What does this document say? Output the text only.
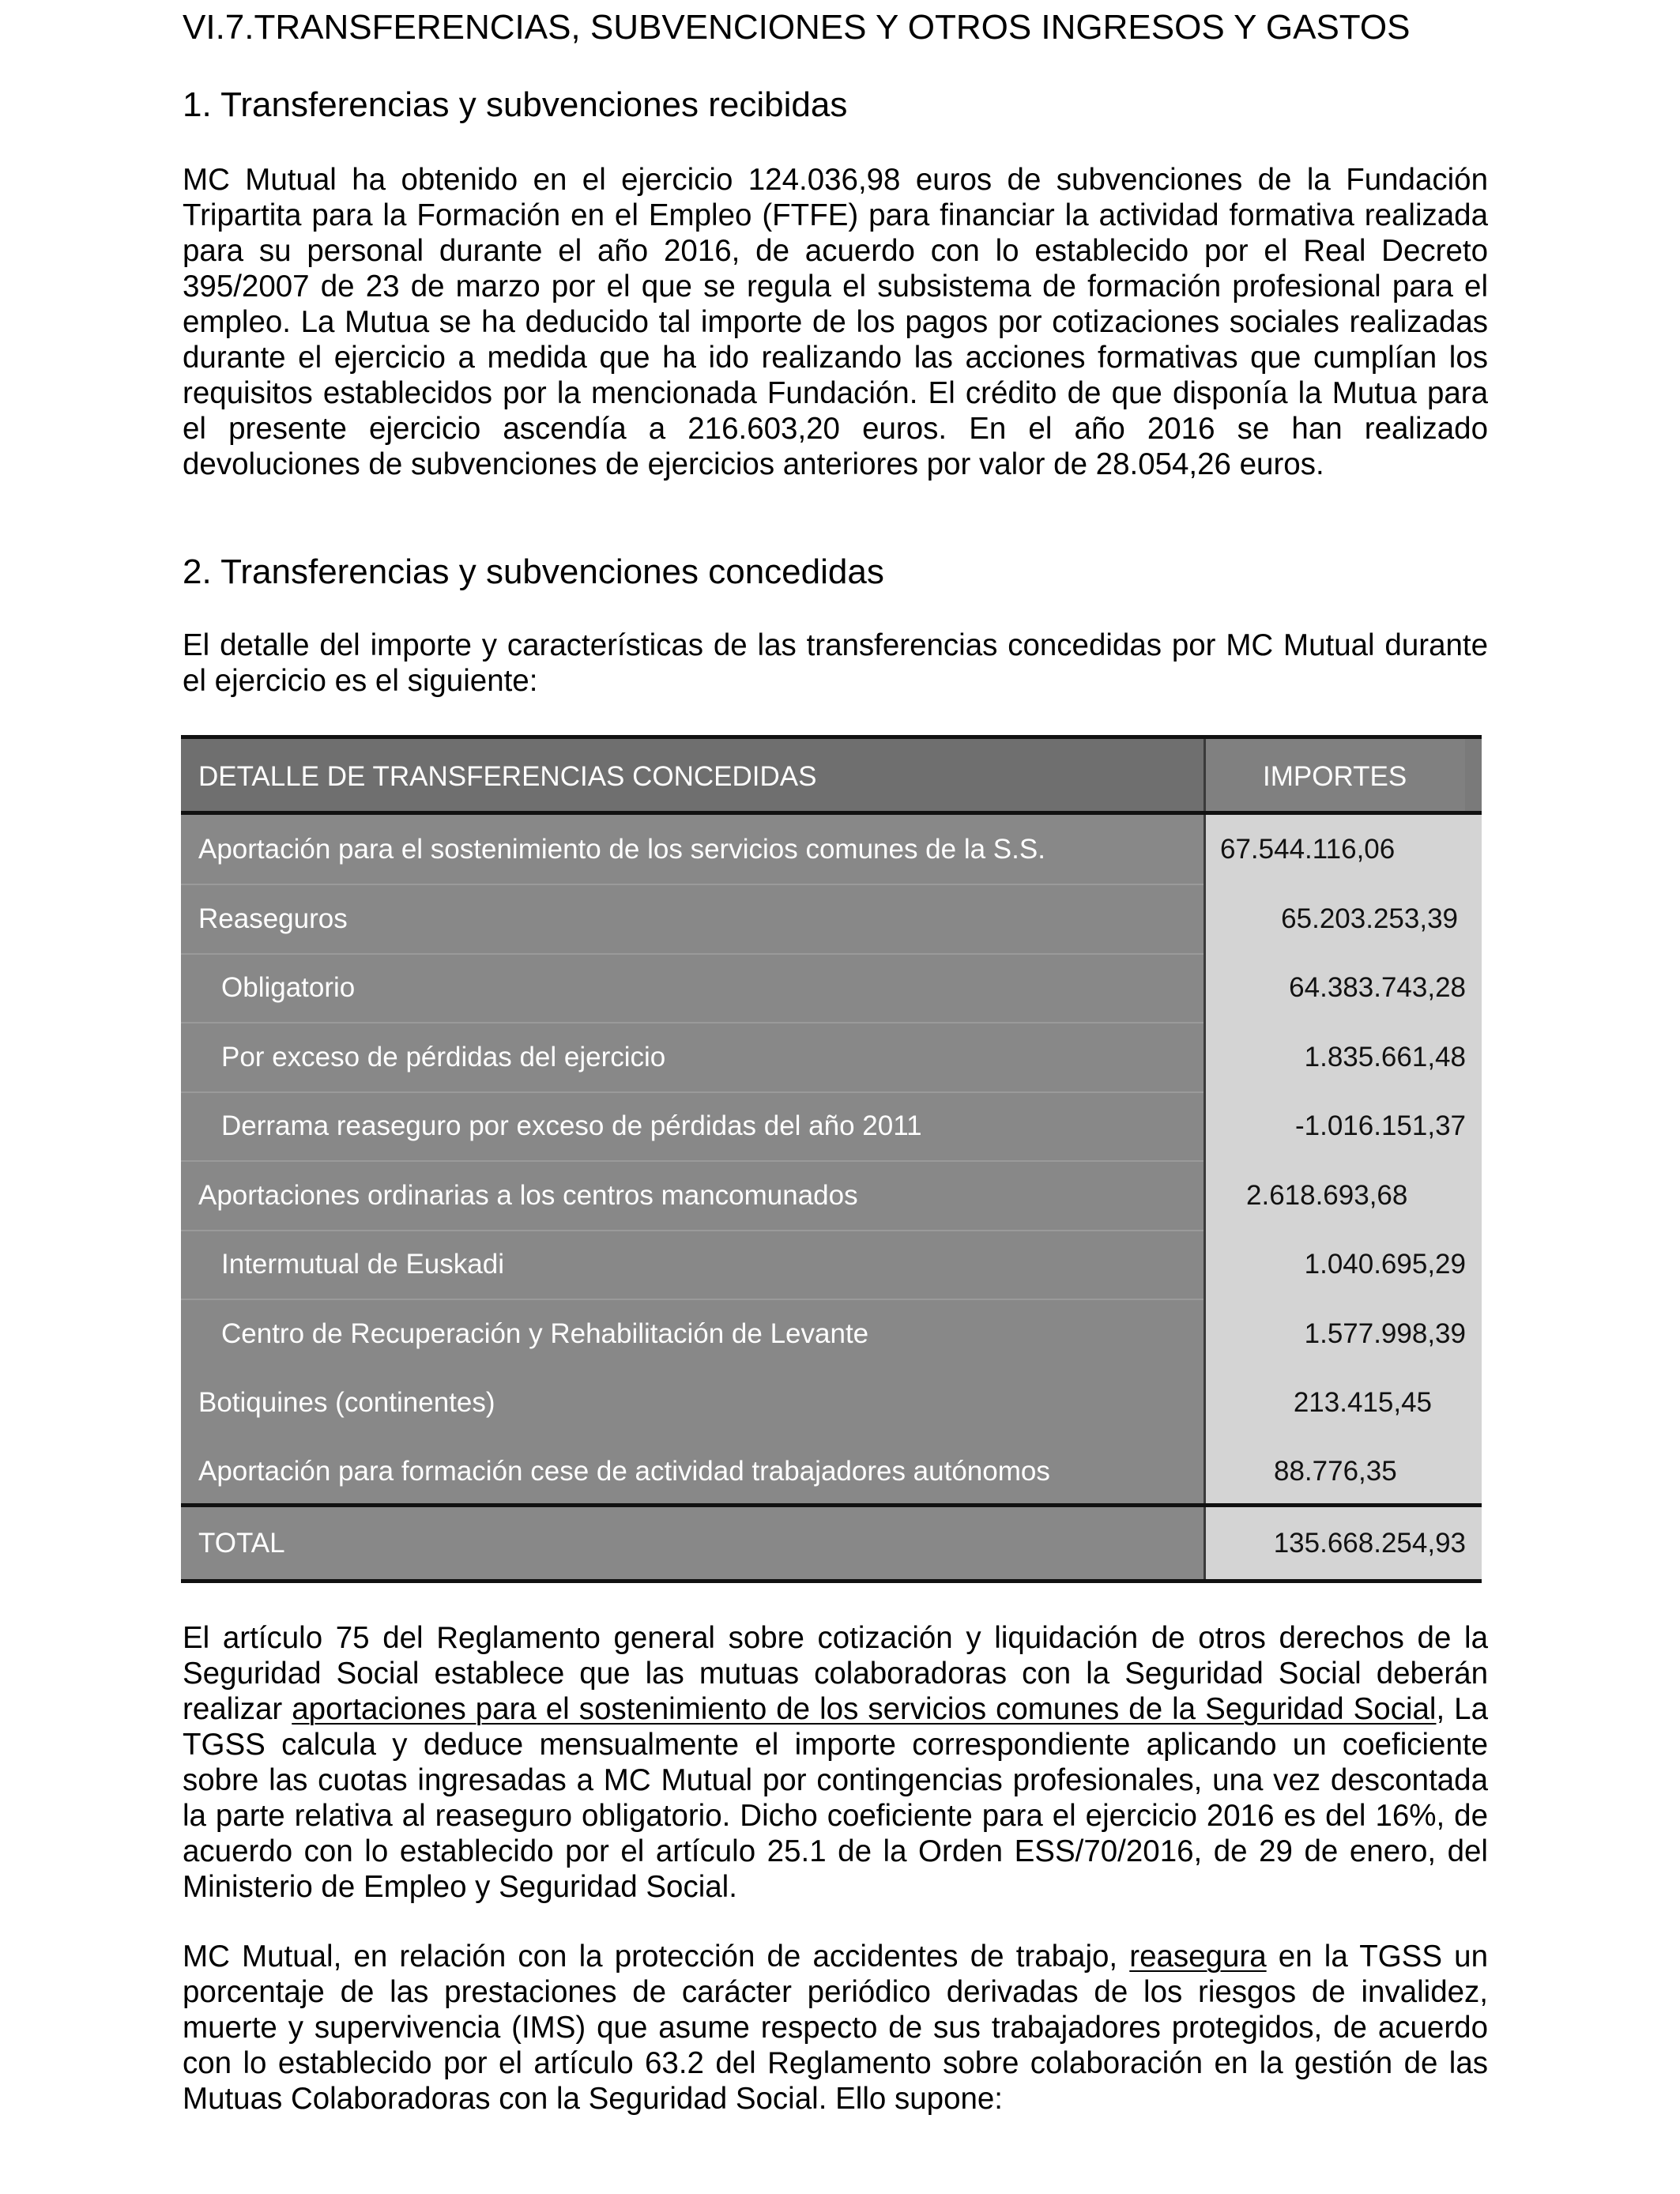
VI.7.TRANSFERENCIAS, SUBVENCIONES Y OTROS INGRESOS Y GASTOS
1. Transferencias y subvenciones recibidas
MC Mutual ha obtenido en el ejercicio 124.036,98 euros de subvenciones de la Fundación
Tripartita para la Formación en el Empleo (FTFE) para financiar la actividad formativa realizada
para su personal durante el año 2016, de acuerdo con lo establecido por el Real Decreto
395/2007 de 23 de marzo por el que se regula el subsistema de formación profesional para el
empleo. La Mutua se ha deducido tal importe de los pagos por cotizaciones sociales realizadas
durante el ejercicio a medida que ha ido realizando las acciones formativas que cumplían los
requisitos establecidos por la mencionada Fundación. El crédito de que disponía la Mutua para
el presente ejercicio ascendía a 216.603,20 euros. En el año 2016 se han realizado
devoluciones de subvenciones de ejercicios anteriores por valor de 28.054,26 euros.
2. Transferencias y subvenciones concedidas
El detalle del importe y características de las transferencias concedidas por MC Mutual durante
el ejercicio es el siguiente:
DETALLE DE TRANSFERENCIAS CONCEDIDAS	IMPORTES
Aportación para el sostenimiento de los servicios comunes de la S.S.
Reaseguros
Obligatorio
Por exceso de pérdidas del ejercicio
Derrama reaseguro por exceso de pérdidas del año 2011
Aportaciones ordinarias a los centros mancomunados
Intermutual de Euskadi
Centro de Recuperación y Rehabilitación de Levante
Botiquines (continentes)
Aportación para formación cese de actividad trabajadores autónomos
67.544.116,06
65.203.253,39
64.383.743,28
1.835.661,48
-1.016.151,37
2.618.693,68
1.040.695,29
1.577.998,39
213.415,45
88.776,35
TOTAL	135.668.254,93
El artículo 75 del Reglamento general sobre cotización y liquidación de otros derechos de la
Seguridad Social establece que las mutuas colaboradoras con la Seguridad Social deberán
realizar aportaciones para el sostenimiento de los servicios comunes de la Seguridad Social, La
TGSS calcula y deduce mensualmente el importe correspondiente aplicando un coeficiente
sobre las cuotas ingresadas a MC Mutual por contingencias profesionales, una vez descontada
la parte relativa al reaseguro obligatorio. Dicho coeficiente para el ejercicio 2016 es del 16%, de
acuerdo con lo establecido por el artículo 25.1 de la Orden ESS/70/2016, de 29 de enero, del
Ministerio de Empleo y Seguridad Social.
MC Mutual, en relación con la protección de accidentes de trabajo, reasegura en la TGSS un
porcentaje de las prestaciones de carácter periódico derivadas de los riesgos de invalidez,
muerte y supervivencia (IMS) que asume respecto de sus trabajadores protegidos, de acuerdo
con lo establecido por el artículo 63.2 del Reglamento sobre colaboración en la gestión de las
Mutuas Colaboradoras con la Seguridad Social. Ello supone:
